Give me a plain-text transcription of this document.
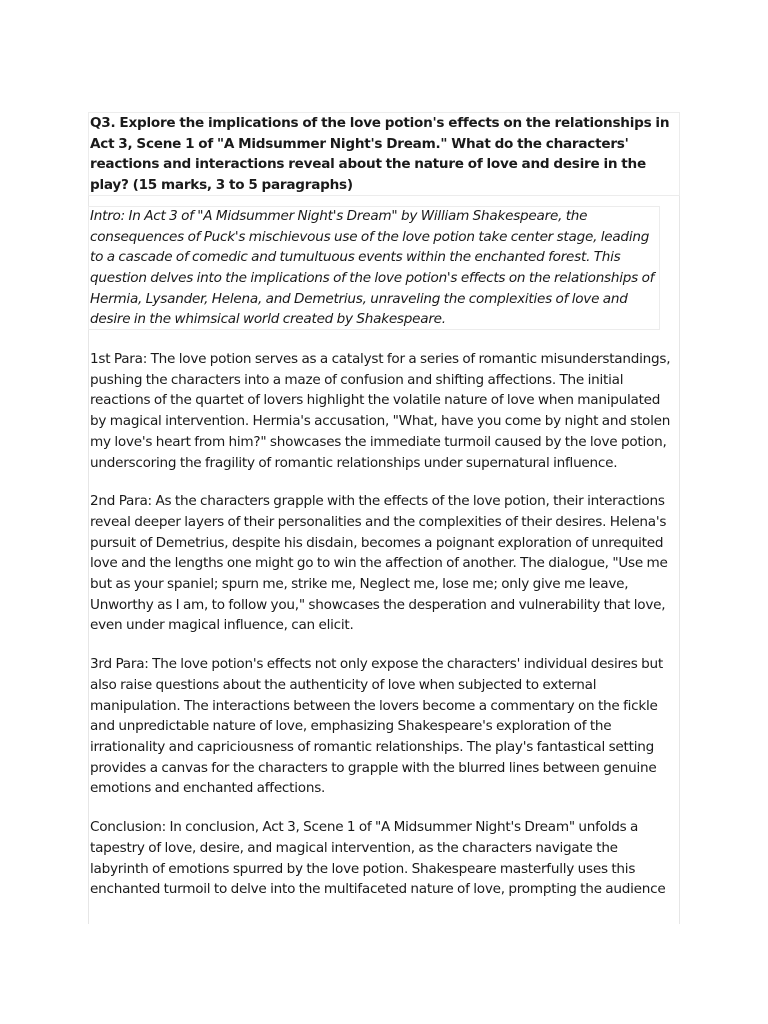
Q3. Explore the implications of the love potion's effects on the relationships in Act 3, Scene 1 of "A Midsummer Night's Dream." What do the characters' reactions and interactions reveal about the nature of love and desire in the play? (15 marks, 3 to 5 paragraphs)

Intro: In Act 3 of "A Midsummer Night's Dream" by William Shakespeare, the consequences of Puck's mischievous use of the love potion take center stage, leading to a cascade of comedic and tumultuous events within the enchanted forest. This question delves into the implications of the love potion's effects on the relationships of Hermia, Lysander, Helena, and Demetrius, unraveling the complexities of love and desire in the whimsical world created by Shakespeare.

1st Para: The love potion serves as a catalyst for a series of romantic misunderstandings, pushing the characters into a maze of confusion and shifting affections. The initial reactions of the quartet of lovers highlight the volatile nature of love when manipulated by magical intervention. Hermia's accusation, "What, have you come by night and stolen my love's heart from him?" showcases the immediate turmoil caused by the love potion, underscoring the fragility of romantic relationships under supernatural influence.

2nd Para: As the characters grapple with the effects of the love potion, their interactions reveal deeper layers of their personalities and the complexities of their desires. Helena's pursuit of Demetrius, despite his disdain, becomes a poignant exploration of unrequited love and the lengths one might go to win the affection of another. The dialogue, "Use me but as your spaniel; spurn me, strike me, Neglect me, lose me; only give me leave, Unworthy as I am, to follow you," showcases the desperation and vulnerability that love, even under magical influence, can elicit.

3rd Para: The love potion's effects not only expose the characters' individual desires but also raise questions about the authenticity of love when subjected to external manipulation. The interactions between the lovers become a commentary on the fickle and unpredictable nature of love, emphasizing Shakespeare's exploration of the irrationality and capriciousness of romantic relationships. The play's fantastical setting provides a canvas for the characters to grapple with the blurred lines between genuine emotions and enchanted affections.

Conclusion: In conclusion, Act 3, Scene 1 of "A Midsummer Night's Dream" unfolds a tapestry of love, desire, and magical intervention, as the characters navigate the labyrinth of emotions spurred by the love potion. Shakespeare masterfully uses this enchanted turmoil to delve into the multifaceted nature of love, prompting the audience
